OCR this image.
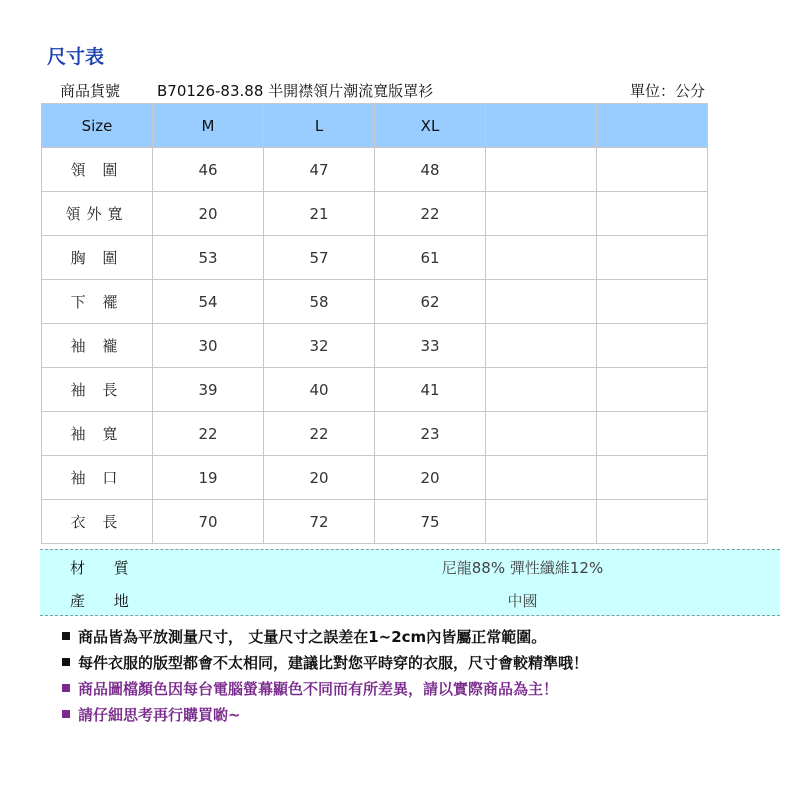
尺寸表
商品貨號 B70126-83.88 半開襟領片潮流寬版罩衫	單位：公分
Size	M	L	XL		
領 圍	46	47	48		
領外寬	20	21	22		
胸 圍	53	57	61		
下 襬	54	58	62		
袖 襱	30	32	33		
袖 長	39	40	41		
袖 寬	22	22	23		
袖 口	19	20	20		
衣 長	70	72	75		
材 質	尼龍88% 彈性纖維12%
產 地	中國
商品皆為平放測量尺寸， 丈量尺寸之誤差在1~2cm內皆屬正常範圍。
每件衣服的版型都會不太相同，建議比對您平時穿的衣服，尺寸會較精準哦！
商品圖檔顏色因每台電腦螢幕顯色不同而有所差異，請以實際商品為主！
請仔細思考再行購買喲~
